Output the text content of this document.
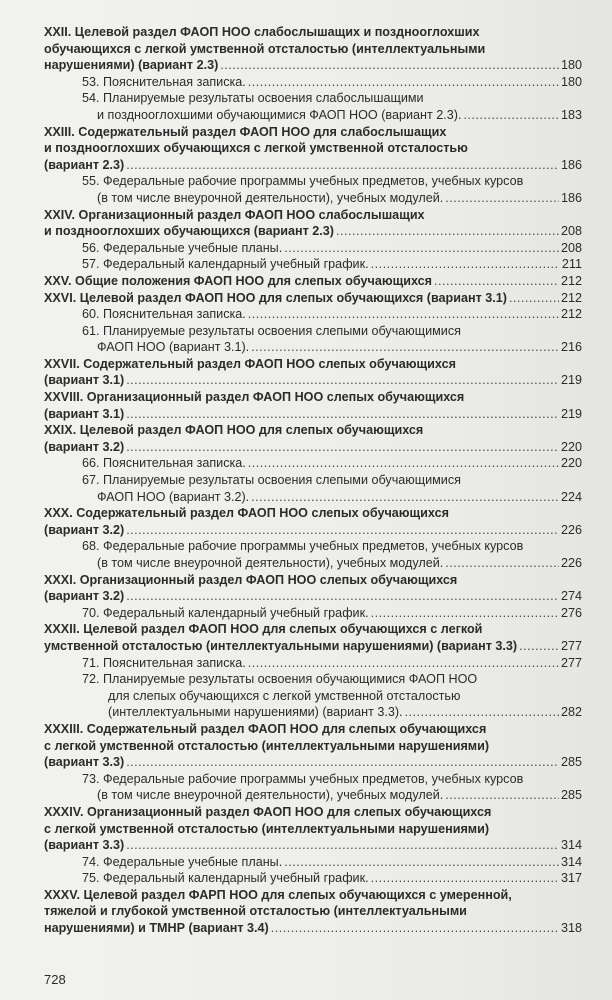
XXII. Целевой раздел ФАОП НОО слабослышащих и позднооглохших
обучающихся с легкой умственной отсталостью (интеллектуальными
нарушениями) (вариант 2.3) .....	180
53. Пояснительная записка. .....	180
54. Планируемые результаты освоения слабослышащими
и позднооглохшими обучающимися ФАОП НОО (вариант 2.3). .....	183
XXIII. Содержательный раздел ФАОП НОО для слабослышащих
и позднооглохших обучающихся с легкой умственной отсталостью
(вариант 2.3) .....	186
55. Федеральные рабочие программы учебных предметов, учебных курсов
(в том числе внеурочной деятельности), учебных модулей. .....	186
XXIV. Организационный раздел ФАОП НОО слабослышащих
и позднооглохших обучающихся (вариант 2.3) .....	208
56. Федеральные учебные планы. .....	208
57. Федеральный календарный учебный график. .....	211
XXV. Общие положения ФАОП НОО для слепых обучающихся .....	212
XXVI. Целевой раздел ФАОП НОО для слепых обучающихся (вариант 3.1) .....	212
60. Пояснительная записка. .....	212
61. Планируемые результаты освоения слепыми обучающимися
ФАОП НОО (вариант 3.1). .....	216
XXVII. Содержательный раздел ФАОП НОО слепых обучающихся
(вариант 3.1) .....	219
XXVIII. Организационный раздел ФАОП НОО слепых обучающихся
(вариант 3.1) .....	219
XXIX. Целевой раздел ФАОП НОО для слепых обучающихся
(вариант 3.2) .....	220
66. Пояснительная записка. .....	220
67. Планируемые результаты освоения слепыми обучающимися
ФАОП НОО (вариант 3.2). .....	224
XXX. Содержательный раздел ФАОП НОО слепых обучающихся
(вариант 3.2) .....	226
68. Федеральные рабочие программы учебных предметов, учебных курсов
(в том числе внеурочной деятельности), учебных модулей. .....	226
XXXI. Организационный раздел ФАОП НОО слепых обучающихся
(вариант 3.2) .....	274
70. Федеральный календарный учебный график. .....	276
XXXII. Целевой раздел ФАОП НОО для слепых обучающихся с легкой
умственной отсталостью (интеллектуальными нарушениями) (вариант 3.3) .....	277
71. Пояснительная записка. .....	277
72. Планируемые результаты освоения обучающимися ФАОП НОО
для слепых обучающихся с легкой умственной отсталостью
(интеллектуальными нарушениями) (вариант 3.3). .....	282
XXXIII. Содержательный раздел ФАОП НОО для слепых обучающихся
с легкой умственной отсталостью (интеллектуальными нарушениями)
(вариант 3.3) .....	285
73. Федеральные рабочие программы учебных предметов, учебных курсов
(в том числе внеурочной деятельности), учебных модулей. .....	285
XXXIV. Организационный раздел ФАОП НОО для слепых обучающихся
с легкой умственной отсталостью (интеллектуальными нарушениями)
(вариант 3.3) .....	314
74. Федеральные учебные планы. .....	314
75. Федеральный календарный учебный график. .....	317
XXXV. Целевой раздел ФАРП НОО для слепых обучающихся с умеренной,
тяжелой и глубокой умственной отсталостью (интеллектуальными
нарушениями) и ТМНР (вариант 3.4) .....	318
728
